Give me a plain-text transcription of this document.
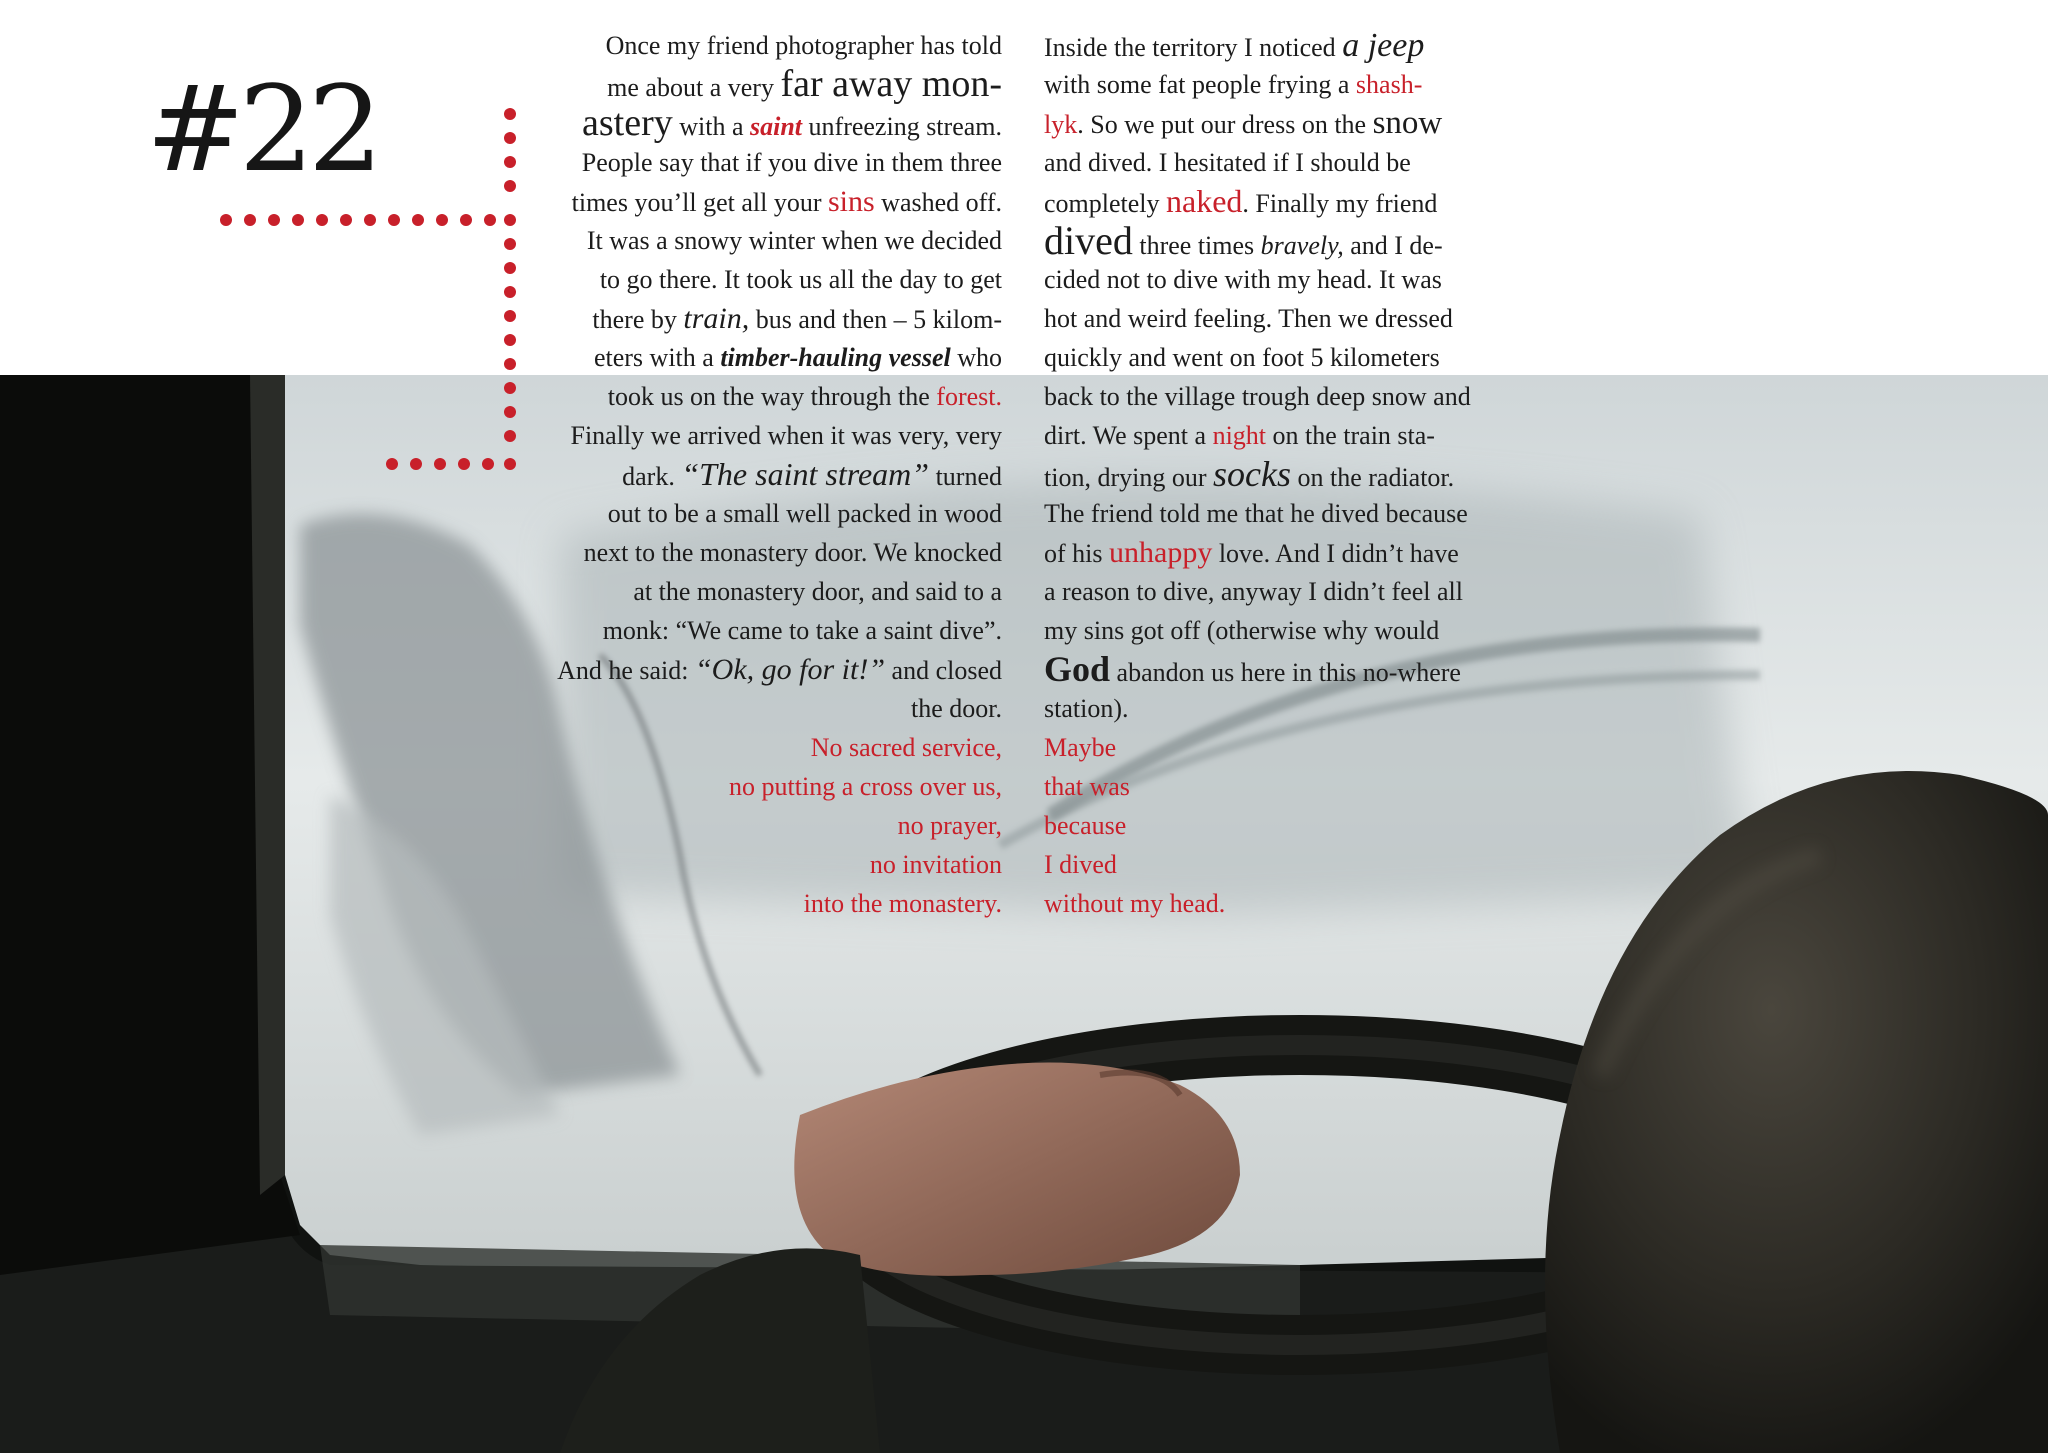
#22
Once my friend photographer has told
me about a very far away mon-
astery with a saint unfreezing stream.
People say that if you dive in them three
times you’ll get all your sins washed off.
It was a snowy winter when we decided
to go there. It took us all the day to get
there by train, bus and then – 5 kilom-
eters with a timber-hauling vessel who
took us on the way through the forest.
Finally we arrived when it was very, very
dark. “The saint stream” turned
out to be a small well packed in wood
next to the monastery door. We knocked
at the monastery door, and said to a
monk: “We came to take a saint dive”.
And he said: “Ok, go for it!” and closed
the door.
No sacred service,
no putting a cross over us,
no prayer,
no invitation
into the monastery.
Inside the territory I noticed a jeep
with some fat people frying a shash-
lyk. So we put our dress on the snow
and dived. I hesitated if I should be
completely naked. Finally my friend
dived three times bravely, and I de-
cided not to dive with my head. It was
hot and weird feeling. Then we dressed
quickly and went on foot 5 kilometers
back to the village trough deep snow and
dirt. We spent a night on the train sta-
tion, drying our socks on the radiator.
The friend told me that he dived because
of his unhappy love. And I didn’t have
a reason to dive, anyway I didn’t feel all
my sins got off (otherwise why would
God abandon us here in this no-where
station).
Maybe
that was
because
I dived
without my head.
